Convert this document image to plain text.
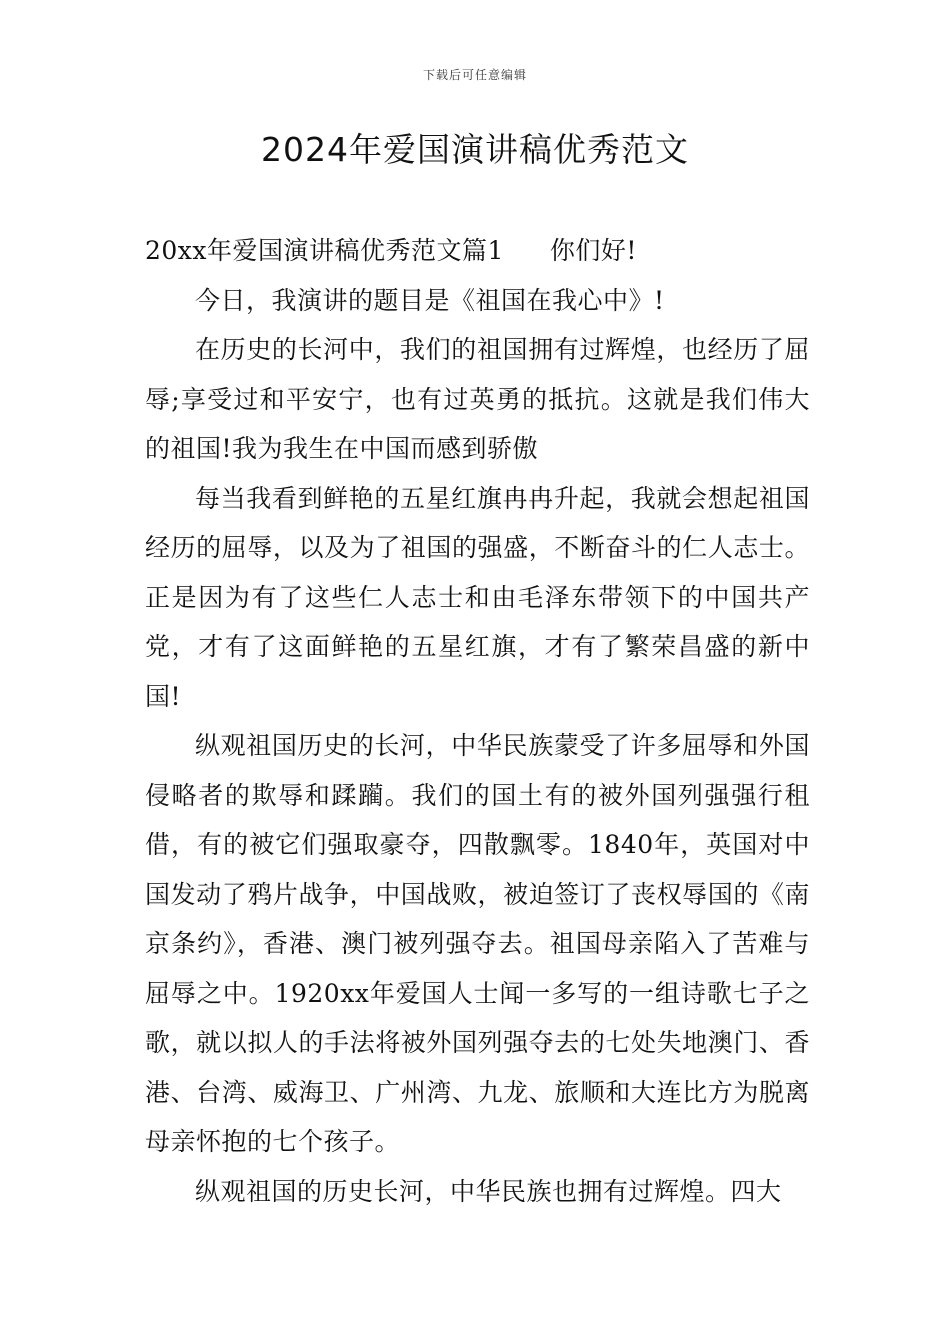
下载后可任意编辑
2024年爱国演讲稿优秀范文

20xx年爱国演讲稿优秀范文篇1 你们好!

今日，我演讲的题目是《祖国在我心中》!

在历史的长河中，我们的祖国拥有过辉煌，也经历了屈辱;享受过和平安宁，也有过英勇的抵抗。这就是我们伟大的祖国!我为我生在中国而感到骄傲

每当我看到鲜艳的五星红旗冉冉升起，我就会想起祖国经历的屈辱，以及为了祖国的强盛，不断奋斗的仁人志士。正是因为有了这些仁人志士和由毛泽东带领下的中国共产党，才有了这面鲜艳的五星红旗，才有了繁荣昌盛的新中国!

纵观祖国历史的长河，中华民族蒙受了许多屈辱和外国侵略者的欺辱和蹂躏。我们的国土有的被外国列强强行租借，有的被它们强取豪夺，四散飘零。1840年，英国对中国发动了鸦片战争，中国战败，被迫签订了丧权辱国的《南京条约》，香港、澳门被列强夺去。祖国母亲陷入了苦难与屈辱之中。1920xx年爱国人士闻一多写的一组诗歌七子之歌，就以拟人的手法将被外国列强夺去的七处失地澳门、香港、台湾、威海卫、广州湾、九龙、旅顺和大连比方为脱离母亲怀抱的七个孩子。

纵观祖国的历史长河，中华民族也拥有过辉煌。四大
